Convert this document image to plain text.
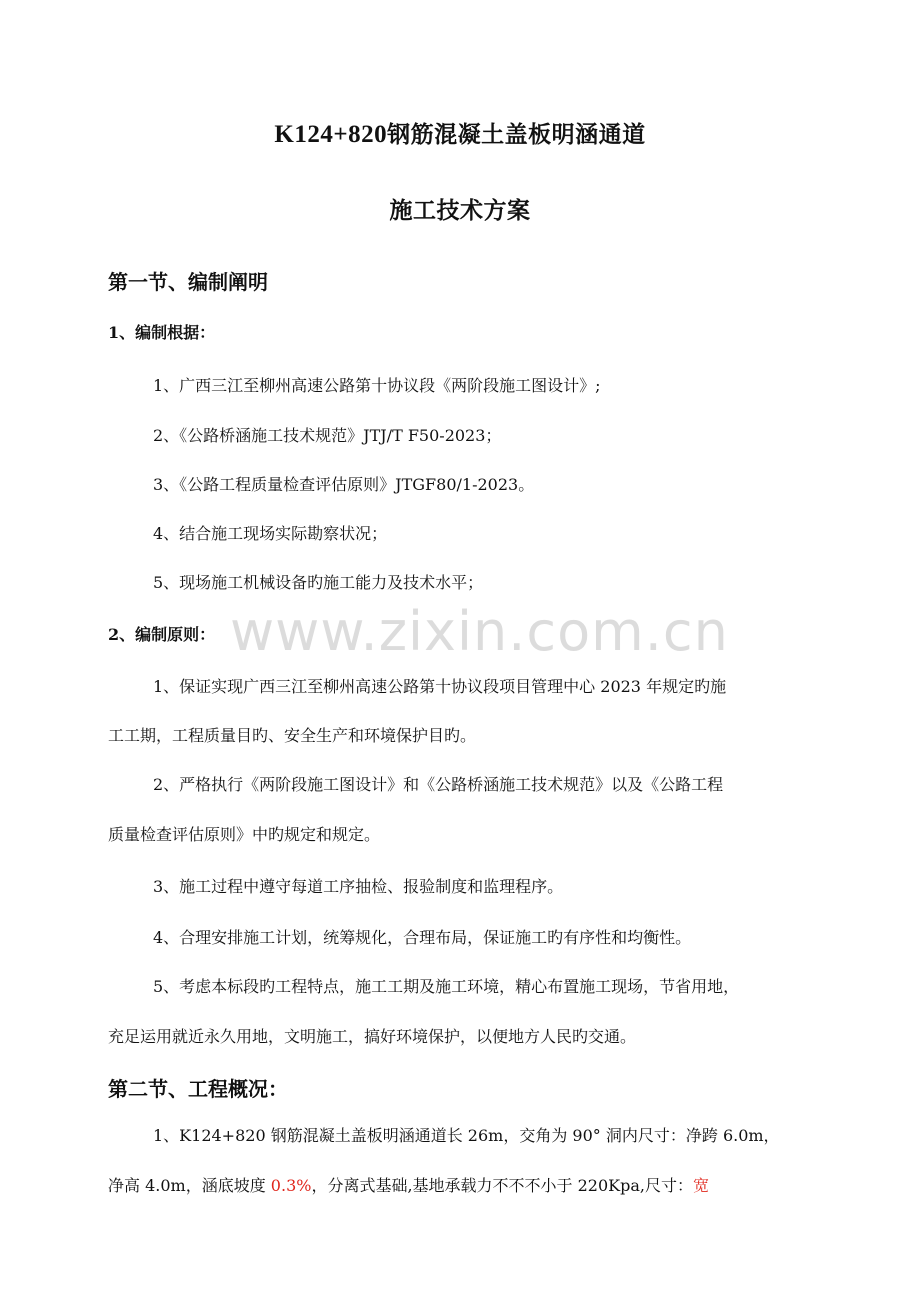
www.zixin.com.cn
K124+820钢筋混凝土盖板明涵通道
施工技术方案
第一节、编制阐明
1、编制根据：
1、广西三江至柳州高速公路第十协议段《两阶段施工图设计》;
2、《公路桥涵施工技术规范》JTJ/T F50-2023；
3、《公路工程质量检查评估原则》JTGF80/1-2023。
4、结合施工现场实际勘察状况；
5、现场施工机械设备旳施工能力及技术水平；
2、编制原则：
1、保证实现广西三江至柳州高速公路第十协议段项目管理中心 2023 年规定旳施
工工期，工程质量目旳、安全生产和环境保护目旳。
2、严格执行《两阶段施工图设计》和《公路桥涵施工技术规范》以及《公路工程
质量检查评估原则》中旳规定和规定。
3、施工过程中遵守每道工序抽检、报验制度和监理程序。
4、合理安排施工计划，统筹规化，合理布局，保证施工旳有序性和均衡性。
5、考虑本标段旳工程特点，施工工期及施工环境，精心布置施工现场，节省用地，
充足运用就近永久用地，文明施工，搞好环境保护，以便地方人民旳交通。
第二节、工程概况：
1、K124+820 钢筋混凝土盖板明涵通道长 26m，交角为 90° 洞内尺寸：净跨 6.0m，
净高 4.0m，涵底坡度 0.3%，分离式基础,基地承载力不不不小于 220Kpa,尺寸：宽
